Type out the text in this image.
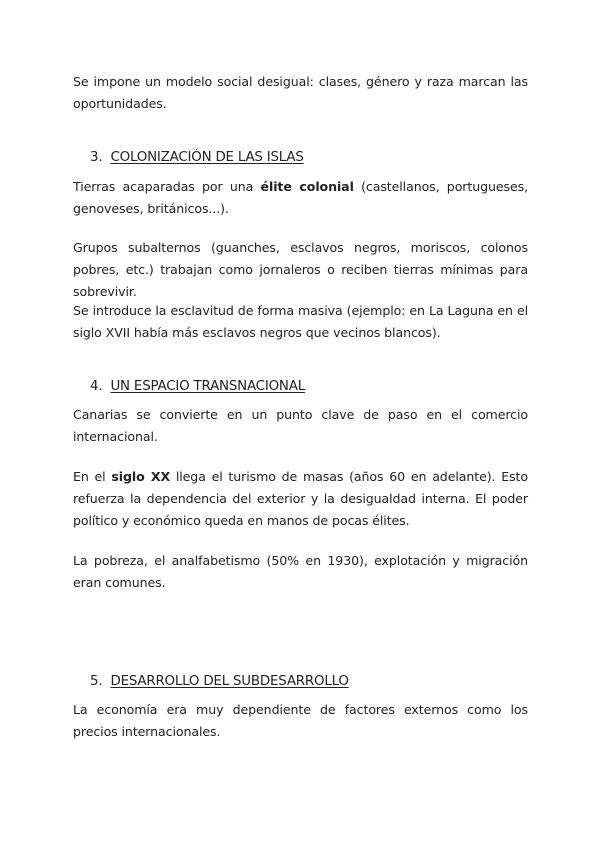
Se impone un modelo social desigual: clases, género y raza marcan las oportunidades.

3. COLONIZACIÓN DE LAS ISLAS

Tierras acaparadas por una élite colonial (castellanos, portugueses, genoveses, británicos...).

Grupos subalternos (guanches, esclavos negros, moriscos, colonos pobres, etc.) trabajan como jornaleros o reciben tierras mínimas para sobrevivir.

Se introduce la esclavitud de forma masiva (ejemplo: en La Laguna en el siglo XVII había más esclavos negros que vecinos blancos).

4. UN ESPACIO TRANSNACIONAL

Canarias se convierte en un punto clave de paso en el comercio internacional.

En el siglo XX llega el turismo de masas (años 60 en adelante). Esto refuerza la dependencia del exterior y la desigualdad interna. El poder político y económico queda en manos de pocas élites.

La pobreza, el analfabetismo (50% en 1930), explotación y migración eran comunes.

5. DESARROLLO DEL SUBDESARROLLO

La economía era muy dependiente de factores externos como los precios internacionales.
